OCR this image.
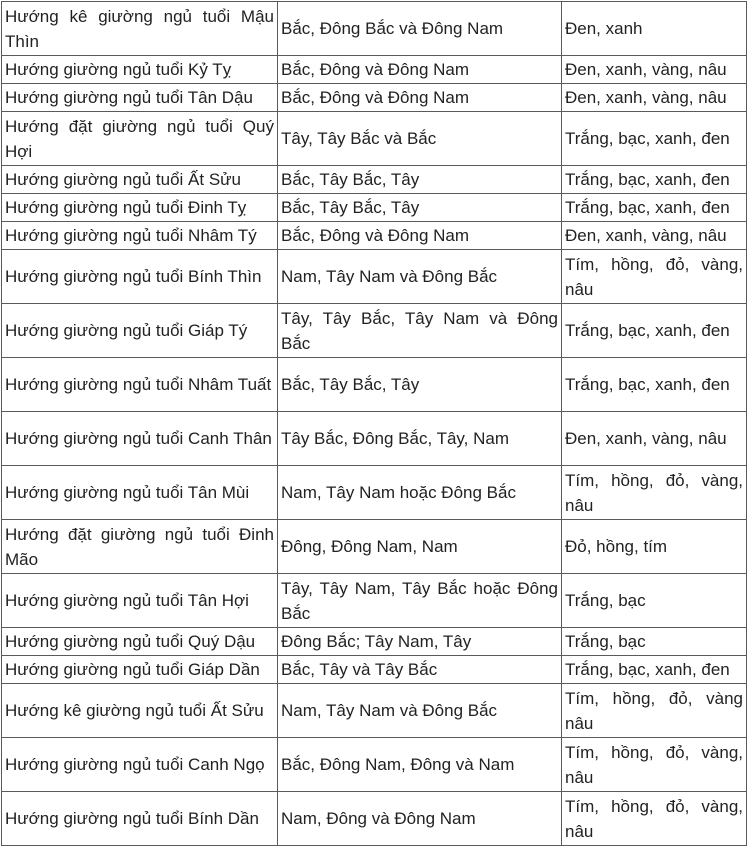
Hướng kê giường ngủ tuổi Mậu Thìn	Bắc, Đông Bắc và Đông Nam	Đen, xanh
Hướng giường ngủ tuổi Kỷ Tỵ	Bắc, Đông và Đông Nam	Đen, xanh, vàng, nâu
Hướng giường ngủ tuổi Tân Dậu	Bắc, Đông và Đông Nam	Đen, xanh, vàng, nâu
Hướng đặt giường ngủ tuổi Quý Hợi	Tây, Tây Bắc và Bắc	Trắng, bạc, xanh, đen
Hướng giường ngủ tuổi Ất Sửu	Bắc, Tây Bắc, Tây	Trắng, bạc, xanh, đen
Hướng giường ngủ tuổi Đinh Tỵ	Bắc, Tây Bắc, Tây	Trắng, bạc, xanh, đen
Hướng giường ngủ tuổi Nhâm Tý	Bắc, Đông và Đông Nam	Đen, xanh, vàng, nâu
Hướng giường ngủ tuổi Bính Thìn	Nam, Tây Nam và Đông Bắc	Tím, hồng, đỏ, vàng, nâu
Hướng giường ngủ tuổi Giáp Tý	Tây, Tây Bắc, Tây Nam và Đông Bắc	Trắng, bạc, xanh, đen
Hướng giường ngủ tuổi Nhâm Tuất	Bắc, Tây Bắc, Tây	Trắng, bạc, xanh, đen
Hướng giường ngủ tuổi Canh Thân	Tây Bắc, Đông Bắc, Tây, Nam	Đen, xanh, vàng, nâu
Hướng giường ngủ tuổi Tân Mùi	Nam, Tây Nam hoặc Đông Bắc	Tím, hồng, đỏ, vàng, nâu
Hướng đặt giường ngủ tuổi Đinh Mão	Đông, Đông Nam, Nam	Đỏ, hồng, tím
Hướng giường ngủ tuổi Tân Hợi	Tây, Tây Nam, Tây Bắc hoặc Đông Bắc	Trắng, bạc
Hướng giường ngủ tuổi Quý Dậu	Đông Bắc; Tây Nam, Tây	Trắng, bạc
Hướng giường ngủ tuổi Giáp Dần	Bắc, Tây và Tây Bắc	Trắng, bạc, xanh, đen
Hướng kê giường ngủ tuổi Ất Sửu	Nam, Tây Nam và Đông Bắc	Tím, hồng, đỏ, vàng nâu
Hướng giường ngủ tuổi Canh Ngọ	Bắc, Đông Nam, Đông và Nam	Tím, hồng, đỏ, vàng, nâu
Hướng giường ngủ tuổi Bính Dần	Nam, Đông và Đông Nam	Tím, hồng, đỏ, vàng, nâu
